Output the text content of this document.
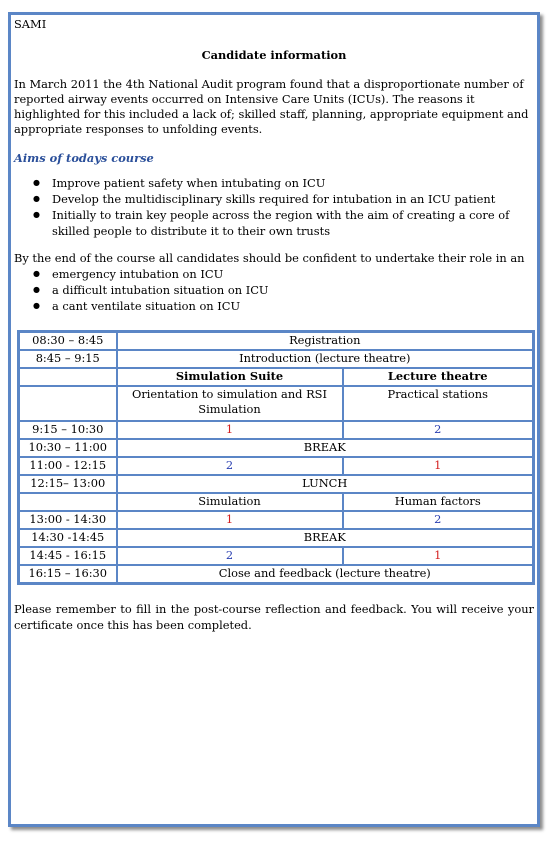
SAMI

Candidate information

In March 2011 the 4th National Audit program found that a disproportionate number of reported airway events occurred on Intensive Care Units (ICUs). The reasons it highlighted for this included a lack of; skilled staff, planning, appropriate equipment and appropriate responses to unfolding events.

Aims of todays course

● Improve patient safety when intubating on ICU
● Develop the multidisciplinary skills required for intubation in an ICU patient
● Initially to train key people across the region with the aim of creating a core of skilled people to distribute it to their own trusts

By the end of the course all candidates should be confident to undertake their role in an

● emergency intubation on ICU
● a difficult intubation situation on ICU
● a cant ventilate situation on ICU
08:30 – 8:45	Registration	
8:45 – 9:15	Introduction (lecture theatre)	
	Simulation Suite	Lecture theatre
	Orientation to simulation and RSI Simulation	Practical stations
9:15 – 10:30	1	2
10:30 – 11:00	BREAK	
11:00 - 12:15	2	1
12:15– 13:00	LUNCH	
	Simulation	Human factors
13:00 - 14:30	1	2
14:30 -14:45	BREAK	
14:45 - 16:15	2	1
16:15 – 16:30	Close and feedback (lecture theatre)	

Please remember to fill in the post-course reflection and feedback. You will receive your certificate once this has been completed.
